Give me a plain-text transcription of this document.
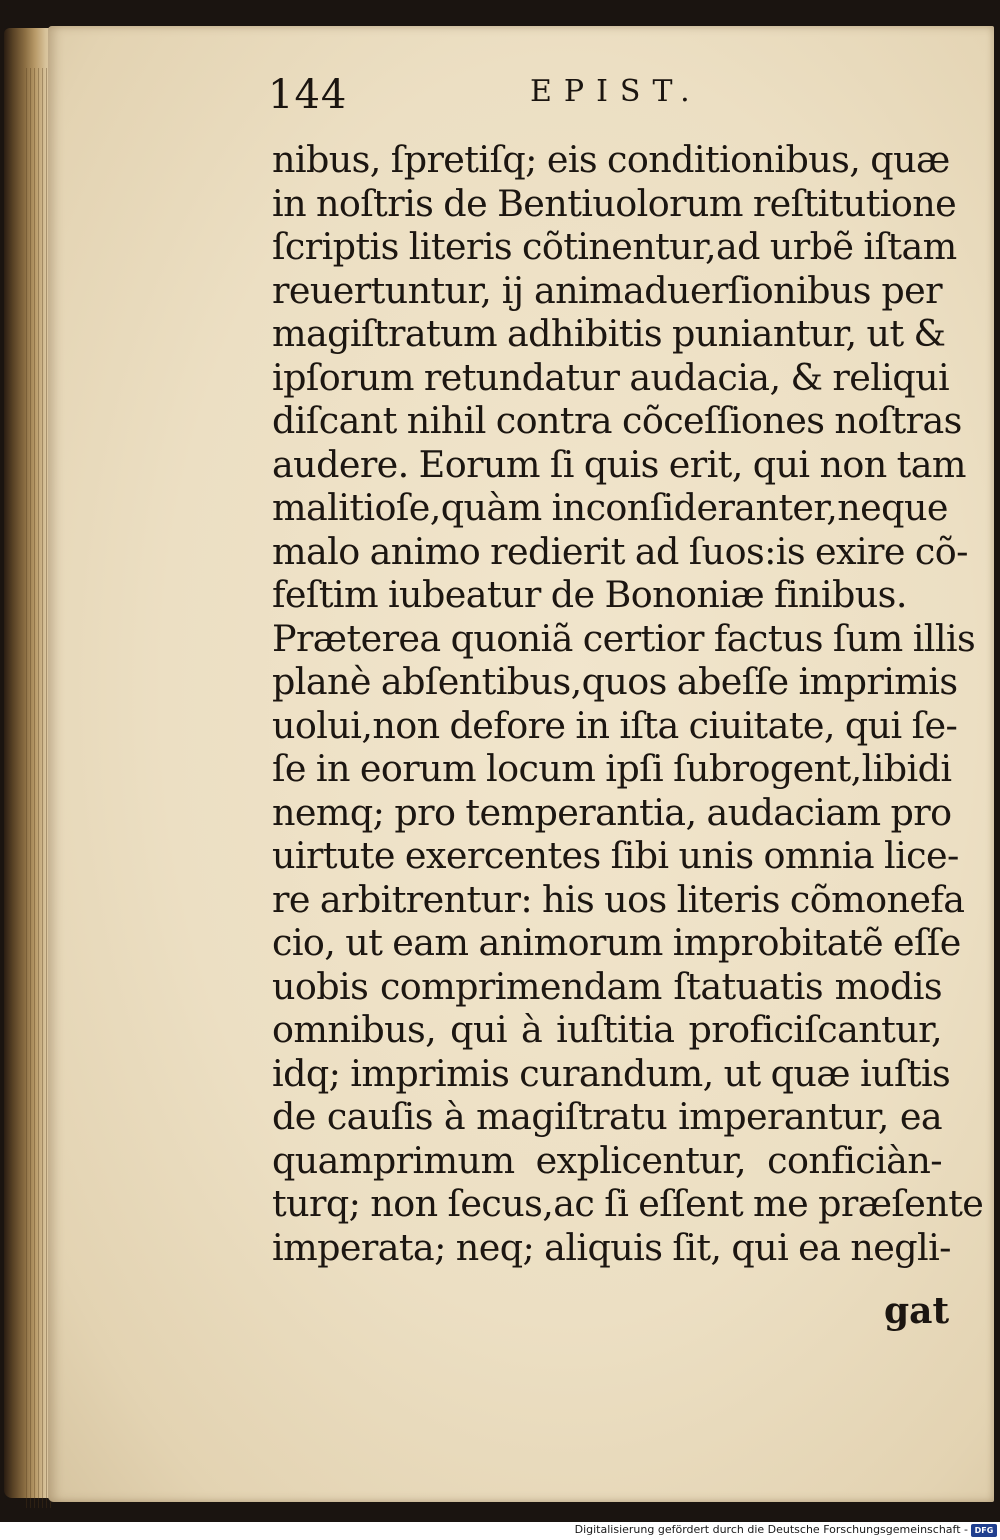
144	EPIST.
nibus, ſpretiſq; eis conditionibus, quæ
in noſtris de Bentiuolorum reſtitutione
ſcriptis literis cõtinentur,ad urbẽ iſtam
reuertuntur, ij animaduerſionibus per
magiſtratum adhibitis puniantur, ut &
ipſorum retundatur audacia, & reliqui
diſcant nihil contra cõceſſiones noſtras
audere. Eorum ſi quis erit, qui non tam
malitioſe,quàm inconſideranter,neque
malo animo redierit ad ſuos:is exire cõ-
feſtim iubeatur de Bononiæ finibus.
Præterea quoniã certior factus ſum illis
planè abſentibus,quos abeſſe imprimis
uolui,non defore in iſta ciuitate, qui ſe-
ſe in eorum locum ipſi ſubrogent,libidi
nemq; pro temperantia, audaciam pro
uirtute exercentes ſibi unis omnia lice-
re arbitrentur: his uos literis cõmonefa
cio, ut eam animorum improbitatẽ eſſe
uobis comprimendam ſtatuatis modis
omnibus, qui à iuſtitia proficiſcantur,
idq; imprimis curandum, ut quæ iuſtis
de cauſis à magiſtratu imperantur, ea
quamprimum explicentur, conficiàn-
turq; non ſecus,ac ſi eſſent me præſente
imperata; neq; aliquis ſit, qui ea negli-
gat
Digitalisierung gefördert durch die Deutsche Forschungsgemeinschaft - DFG
